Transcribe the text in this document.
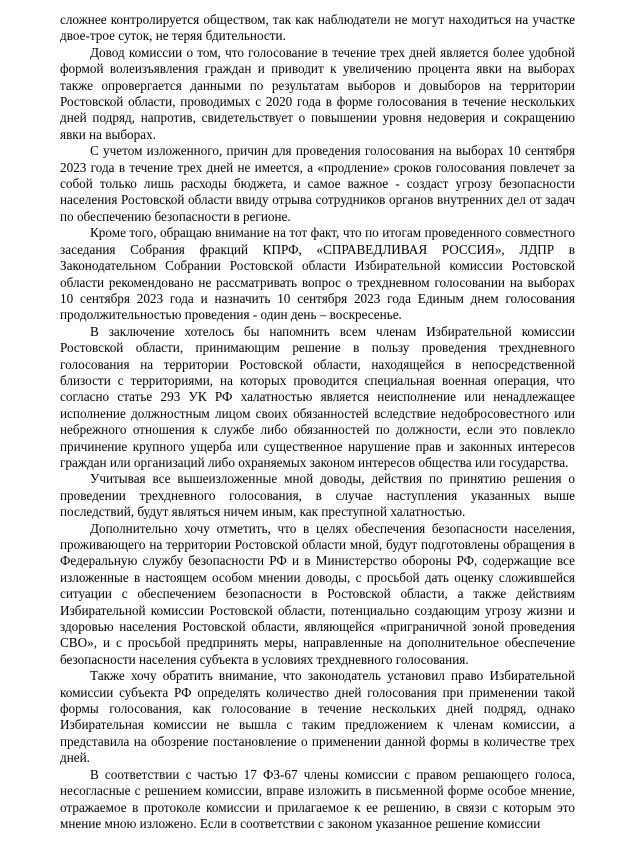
сложнее контролируется обществом, так как наблюдатели не могут находиться на участке двое-трое суток, не теряя бдительности.

Довод комиссии о том, что голосование в течение трех дней является более удобной формой волеизъявления граждан и приводит к увеличению процента явки на выборах также опровергается данными по результатам выборов и довыборов на территории Ростовской области, проводимых с 2020 года в форме голосования в течение нескольких дней подряд, напротив, свидетельствует о повышении уровня недоверия и сокращению явки на выборах.

С учетом изложенного, причин для проведения голосования на выборах 10 сентября 2023 года в течение трех дней не имеется, а «продление» сроков голосования повлечет за собой только лишь расходы бюджета, и самое важное - создаст угрозу безопасности населения Ростовской области ввиду отрыва сотрудников органов внутренних дел от задач по обеспечению безопасности в регионе.

Кроме того, обращаю внимание на тот факт, что по итогам проведенного совместного заседания Собрания фракций КПРФ, «СПРАВЕДЛИВАЯ РОССИЯ», ЛДПР в Законодательном Собрании Ростовской области Избирательной комиссии Ростовской области рекомендовано не рассматривать вопрос о трехдневном голосовании на выборах 10 сентября 2023 года и назначить 10 сентября 2023 года Единым днем голосования продолжительностью проведения - один день – воскресенье.

В заключение хотелось бы напомнить всем членам Избирательной комиссии Ростовской области, принимающим решение в пользу проведения трехдневного голосования на территории Ростовской области, находящейся в непосредственной близости с территориями, на которых проводится специальная военная операция, что согласно статье 293 УК РФ халатностью является неисполнение или ненадлежащее исполнение должностным лицом своих обязанностей вследствие недобросовестного или небрежного отношения к службе либо обязанностей по должности, если это повлекло причинение крупного ущерба или существенное нарушение прав и законных интересов граждан или организаций либо охраняемых законом интересов общества или государства.

Учитывая все вышеизложенные мной доводы, действия по принятию решения о проведении трехдневного голосования, в случае наступления указанных выше последствий, будут являться ничем иным, как преступной халатностью.

Дополнительно хочу отметить, что в целях обеспечения безопасности населения, проживающего на территории Ростовской области мной, будут подготовлены обращения в Федеральную службу безопасности РФ и в Министерство обороны РФ, содержащие все изложенные в настоящем особом мнении доводы, с просьбой дать оценку сложившейся ситуации с обеспечением безопасности в Ростовской области, а также действиям Избирательной комиссии Ростовской области, потенциально создающим угрозу жизни и здоровью населения Ростовской области, являющейся «приграничной зоной проведения СВО», и с просьбой предпринять меры, направленные на дополнительное обеспечение безопасности населения субъекта в условиях трехдневного голосования.

Также хочу обратить внимание, что законодатель установил право Избирательной комиссии субъекта РФ определять количество дней голосования при применении такой формы голосования, как голосование в течение нескольких дней подряд, однако Избирательная комиссии не вышла с таким предложением к членам комиссии, а представила на обозрение постановление о применении данной формы в количестве трех дней.

В соответствии с частью 17 ФЗ-67 члены комиссии с правом решающего голоса, несогласные с решением комиссии, вправе изложить в письменной форме особое мнение, отражаемое в протоколе комиссии и прилагаемое к ее решению, в связи с которым это мнение мною изложено. Если в соответствии с законом указанное решение комиссии
